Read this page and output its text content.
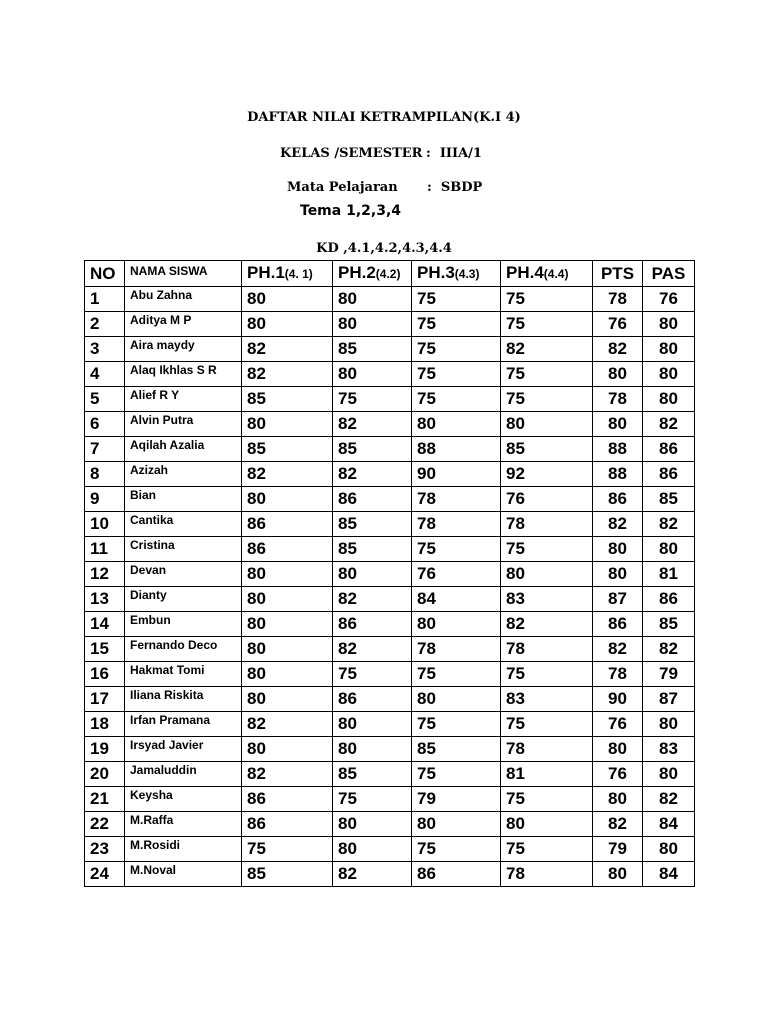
DAFTAR NILAI KETRAMPILAN(K.I 4)
KELAS /SEMESTER :  IIIA/1
Mata Pelajaran :  SBDP
Tema 1,2,3,4
KD ,4.1,4.2,4.3,4.4
NO	NAMA SISWA	PH.1(4. 1)	PH.2(4.2)	PH.3(4.3)	PH.4(4.4)	PTS	PAS
1	Abu Zahna	80	80	75	75	78	76
2	Aditya M P	80	80	75	75	76	80
3	Aira maydy	82	85	75	82	82	80
4	Alaq Ikhlas S R	82	80	75	75	80	80
5	Alief R Y	85	75	75	75	78	80
6	Alvin Putra	80	82	80	80	80	82
7	Aqilah Azalia	85	85	88	85	88	86
8	Azizah	82	82	90	92	88	86
9	Bian	80	86	78	76	86	85
10	Cantika	86	85	78	78	82	82
11	Cristina	86	85	75	75	80	80
12	Devan	80	80	76	80	80	81
13	Dianty	80	82	84	83	87	86
14	Embun	80	86	80	82	86	85
15	Fernando Deco	80	82	78	78	82	82
16	Hakmat Tomi	80	75	75	75	78	79
17	Iliana Riskita	80	86	80	83	90	87
18	Irfan Pramana	82	80	75	75	76	80
19	Irsyad Javier	80	80	85	78	80	83
20	Jamaluddin	82	85	75	81	76	80
21	Keysha	86	75	79	75	80	82
22	M.Raffa	86	80	80	80	82	84
23	M.Rosidi	75	80	75	75	79	80
24	M.Noval	85	82	86	78	80	84
